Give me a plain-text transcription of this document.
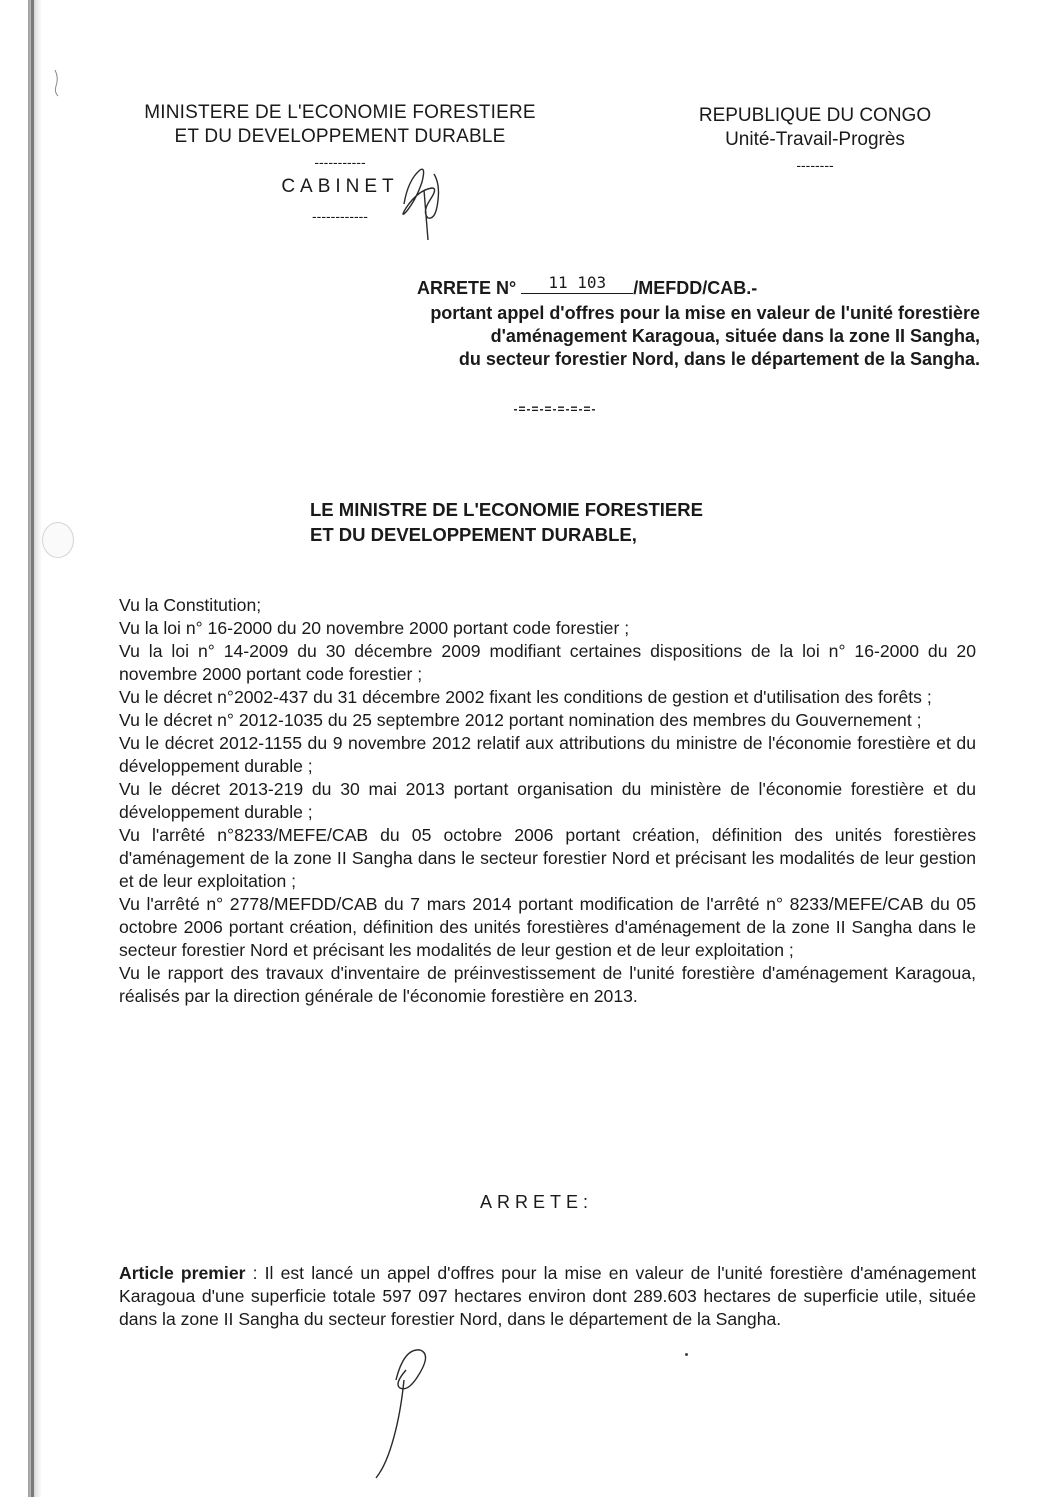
MINISTERE DE L'ECONOMIE FORESTIERE
ET DU DEVELOPPEMENT DURABLE
-----------
CABINET
------------
REPUBLIQUE DU CONGO
Unité-Travail-Progrès
--------
ARRETE N° 11 103 /MEFDD/CAB.-
portant appel d'offres pour la mise en valeur de l'unité forestière
d'aménagement Karagoua, située dans la zone II Sangha,
du secteur forestier Nord, dans le département de la Sangha.
-=-=-=-=-=-=-
LE MINISTRE DE L'ECONOMIE FORESTIERE
ET DU DEVELOPPEMENT DURABLE,
Vu la Constitution;
Vu la loi n° 16-2000 du 20 novembre 2000 portant code forestier ;
Vu la loi n° 14-2009 du 30 décembre 2009 modifiant certaines dispositions de la loi n° 16-2000 du 20 novembre 2000 portant code forestier ;
Vu le décret n°2002-437 du 31 décembre 2002 fixant les conditions de gestion et d'utilisation des forêts ;
Vu le décret n° 2012-1035 du 25 septembre 2012 portant nomination des membres du Gouvernement ;
Vu le décret 2012-1155 du 9 novembre 2012 relatif aux attributions du ministre de l'économie forestière et du développement durable ;
Vu le décret 2013-219 du 30 mai 2013 portant organisation du ministère de l'économie forestière et du développement durable ;
Vu l'arrêté n°8233/MEFE/CAB du 05 octobre 2006 portant création, définition des unités forestières d'aménagement de la zone II Sangha dans le secteur forestier Nord et précisant les modalités de leur gestion et de leur exploitation ;
Vu l'arrêté n° 2778/MEFDD/CAB du 7 mars 2014 portant modification de l'arrêté n° 8233/MEFE/CAB du 05 octobre 2006 portant création, définition des unités forestières d'aménagement de la zone II Sangha dans le secteur forestier Nord et précisant les modalités de leur gestion et de leur exploitation ;
Vu le rapport des travaux d'inventaire de préinvestissement de l'unité forestière d'aménagement Karagoua, réalisés par la direction générale de l'économie forestière en 2013.
ARRETE:
Article premier : Il est lancé un appel d'offres pour la mise en valeur de l'unité forestière d'aménagement Karagoua d'une superficie totale 597 097 hectares environ dont 289.603 hectares de superficie utile, située dans la zone II Sangha du secteur forestier Nord, dans le département de la Sangha.
